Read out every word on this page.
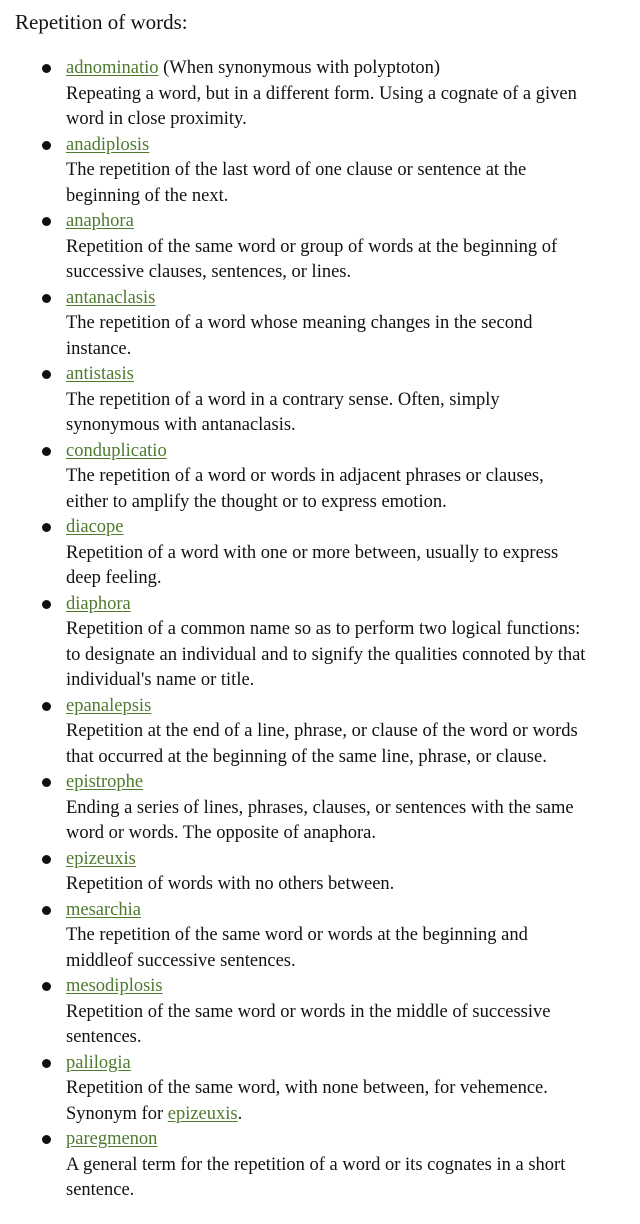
Repetition of words:
adnominatio (When synonymous with polyptoton)
Repeating a word, but in a different form. Using a cognate of a given word in close proximity.
anadiplosis
The repetition of the last word of one clause or sentence at the beginning of the next.
anaphora
Repetition of the same word or group of words at the beginning of successive clauses, sentences, or lines.
antanaclasis
The repetition of a word whose meaning changes in the second instance.
antistasis
The repetition of a word in a contrary sense. Often, simply synonymous with antanaclasis.
conduplicatio
The repetition of a word or words in adjacent phrases or clauses, either to amplify the thought or to express emotion.
diacope
Repetition of a word with one or more between, usually to express deep feeling.
diaphora
Repetition of a common name so as to perform two logical functions: to designate an individual and to signify the qualities connoted by that individual's name or title.
epanalepsis
Repetition at the end of a line, phrase, or clause of the word or words that occurred at the beginning of the same line, phrase, or clause.
epistrophe
Ending a series of lines, phrases, clauses, or sentences with the same word or words. The opposite of anaphora.
epizeuxis
Repetition of words with no others between.
mesarchia
The repetition of the same word or words at the beginning and middleof successive sentences.
mesodiplosis
Repetition of the same word or words in the middle of successive sentences.
palilogia
Repetition of the same word, with none between, for vehemence. Synonym for epizeuxis.
paregmenon
A general term for the repetition of a word or its cognates in a short sentence.
